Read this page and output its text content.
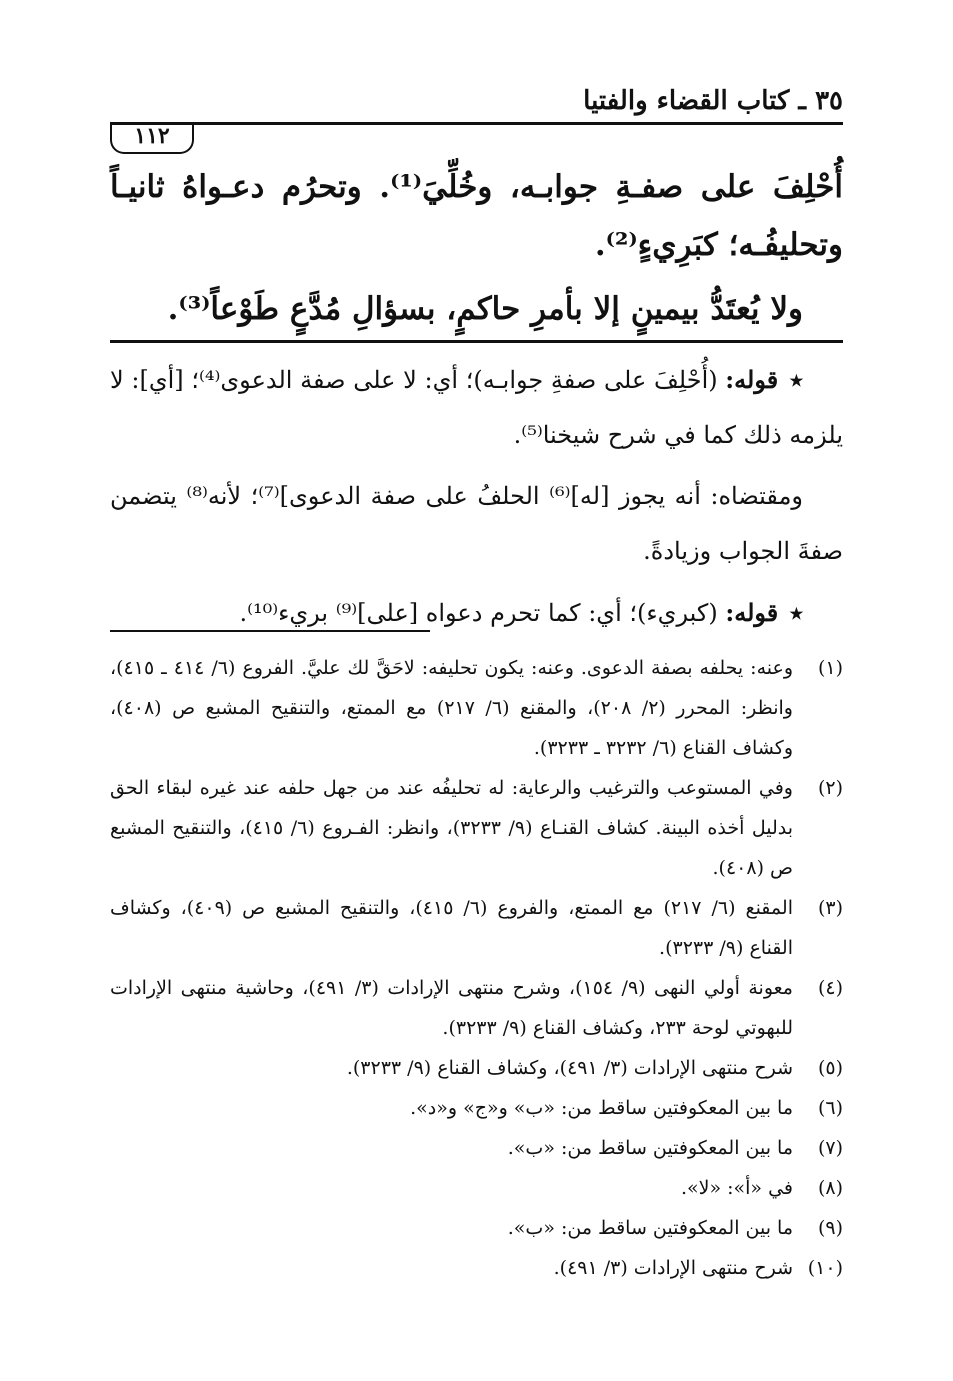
٣٥ ـ كتاب القضاء والفتيا
١١٢

أُحْلِفَ على صفـةِ جوابـه، وخُلِّيَ⁽¹⁾. وتحرُم دعـواهُ ثانيـاً وتحليفُـه؛ كبَرِيءٍ⁽²⁾.

ولا يُعتَدُّ بيمينٍ إلا بأمرِ حاكمٍ، بسؤالِ مُدَّعٍ طَوْعاً⁽³⁾.

٭ قوله: (أُحْلِفَ على صفةِ جوابـه)؛ أي: لا على صفة الدعوى⁽⁴⁾؛ [أي]: لا يلزمه ذلك كما في شرح شيخنا⁽⁵⁾.

ومقتضاه: أنه يجوز [له]⁽⁶⁾ الحلفُ على صفة الدعوى]⁽⁷⁾؛ لأنه⁽⁸⁾ يتضمن صفةَ الجواب وزيادةً.

٭ قوله: (كبريء)؛ أي: كما تحرم دعواه [على]⁽⁹⁾ بريء⁽¹⁰⁾.

(١)
وعنه: يحلفه بصفة الدعوى. وعنه: يكون تحليفه: لاحَقَّ لك عليَّ. الفروع (٦/ ٤١٤ ـ ٤١٥)، وانظر: المحرر (٢/ ٢٠٨)، والمقنع (٦/ ٢١٧) مع الممتع، والتنقيح المشبع ص (٤٠٨)، وكشاف القناع (٦/ ٣٢٣٢ ـ ٣٢٣٣).
(٢)
وفي المستوعب والترغيب والرعاية: له تحليفُه عند من جهل حلفه عند غيره لبقاء الحق بدليل أخذه البينة. كشاف القنـاع (٩/ ٣٢٣٣)، وانظر: الفـروع (٦/ ٤١٥)، والتنقيح المشبع ص (٤٠٨).
(٣)
المقنع (٦/ ٢١٧) مع الممتع، والفروع (٦/ ٤١٥)، والتنقيح المشبع ص (٤٠٩)، وكشاف القناع (٩/ ٣٢٣٣).
(٤)
معونة أولي النهى (٩/ ١٥٤)، وشرح منتهى الإرادات (٣/ ٤٩١)، وحاشية منتهى الإرادات للبهوتي لوحة ٢٣٣، وكشاف القناع (٩/ ٣٢٣٣).
(٥)
شرح منتهى الإرادات (٣/ ٤٩١)، وكشاف القناع (٩/ ٣٢٣٣).
(٦)
ما بين المعكوفتين ساقط من: «ب» و«ج» و«د».
(٧)
ما بين المعكوفتين ساقط من: «ب».
(٨)
في «أ»: «لا».
(٩)
ما بين المعكوفتين ساقط من: «ب».
(١٠)
شرح منتهى الإرادات (٣/ ٤٩١).
